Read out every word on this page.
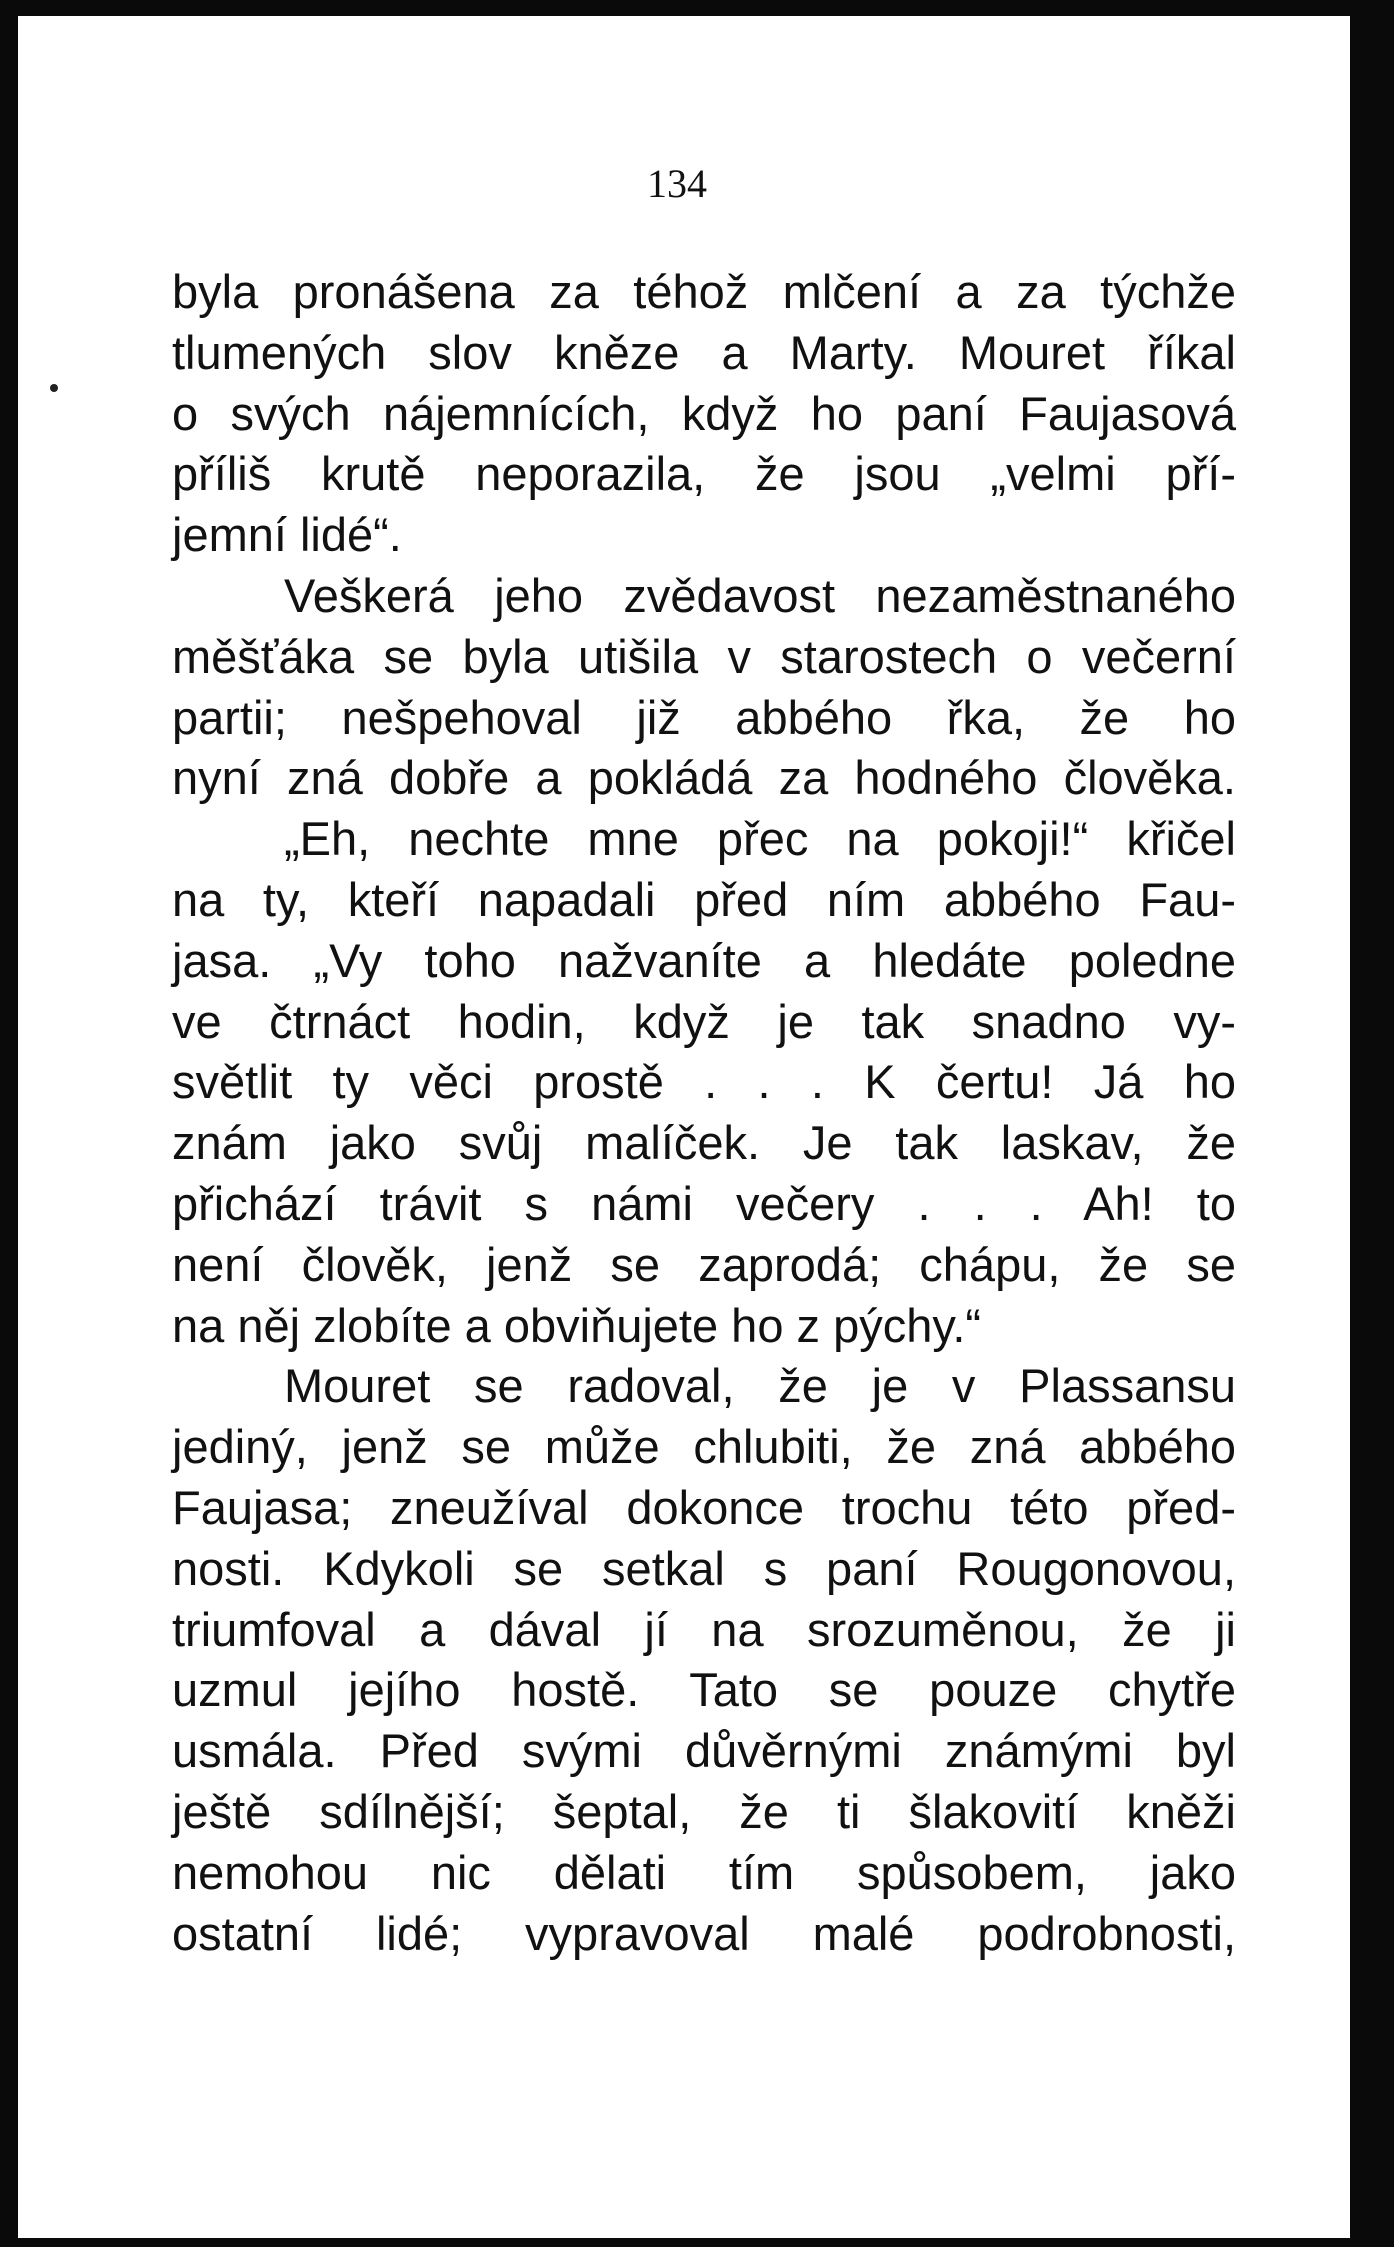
134
byla pronášena za téhož mlčení a za týchže
tlumených slov kněze a Marty. Mouret říkal
o svých nájemnících, když ho paní Faujasová
příliš krutě neporazila, že jsou „velmi pří-
jemní lidé“.
Veškerá jeho zvědavost nezaměstnaného
měšťáka se byla utišila v starostech o večerní
partii; nešpehoval již abbého řka, že ho
nyní zná dobře a pokládá za hodného člověka.
„Eh, nechte mne přec na pokoji!“ křičel
na ty, kteří napadali před ním abbého Fau-
jasa. „Vy toho nažvaníte a hledáte poledne
ve čtrnáct hodin, když je tak snadno vy-
světlit ty věci prostě . . . K čertu! Já ho
znám jako svůj malíček. Je tak laskav, že
přichází trávit s námi večery . . . Ah! to
není člověk, jenž se zaprodá; chápu, že se
na něj zlobíte a obviňujete ho z pýchy.“
Mouret se radoval, že je v Plassansu
jediný, jenž se může chlubiti, že zná abbého
Faujasa; zneužíval dokonce trochu této před-
nosti. Kdykoli se setkal s paní Rougonovou,
triumfoval a dával jí na srozuměnou, že ji
uzmul jejího hostě. Tato se pouze chytře
usmála. Před svými důvěrnými známými byl
ještě sdílnější; šeptal, že ti šlakovití kněži
nemohou nic dělati tím spůsobem, jako
ostatní lidé; vypravoval malé podrobnosti,
